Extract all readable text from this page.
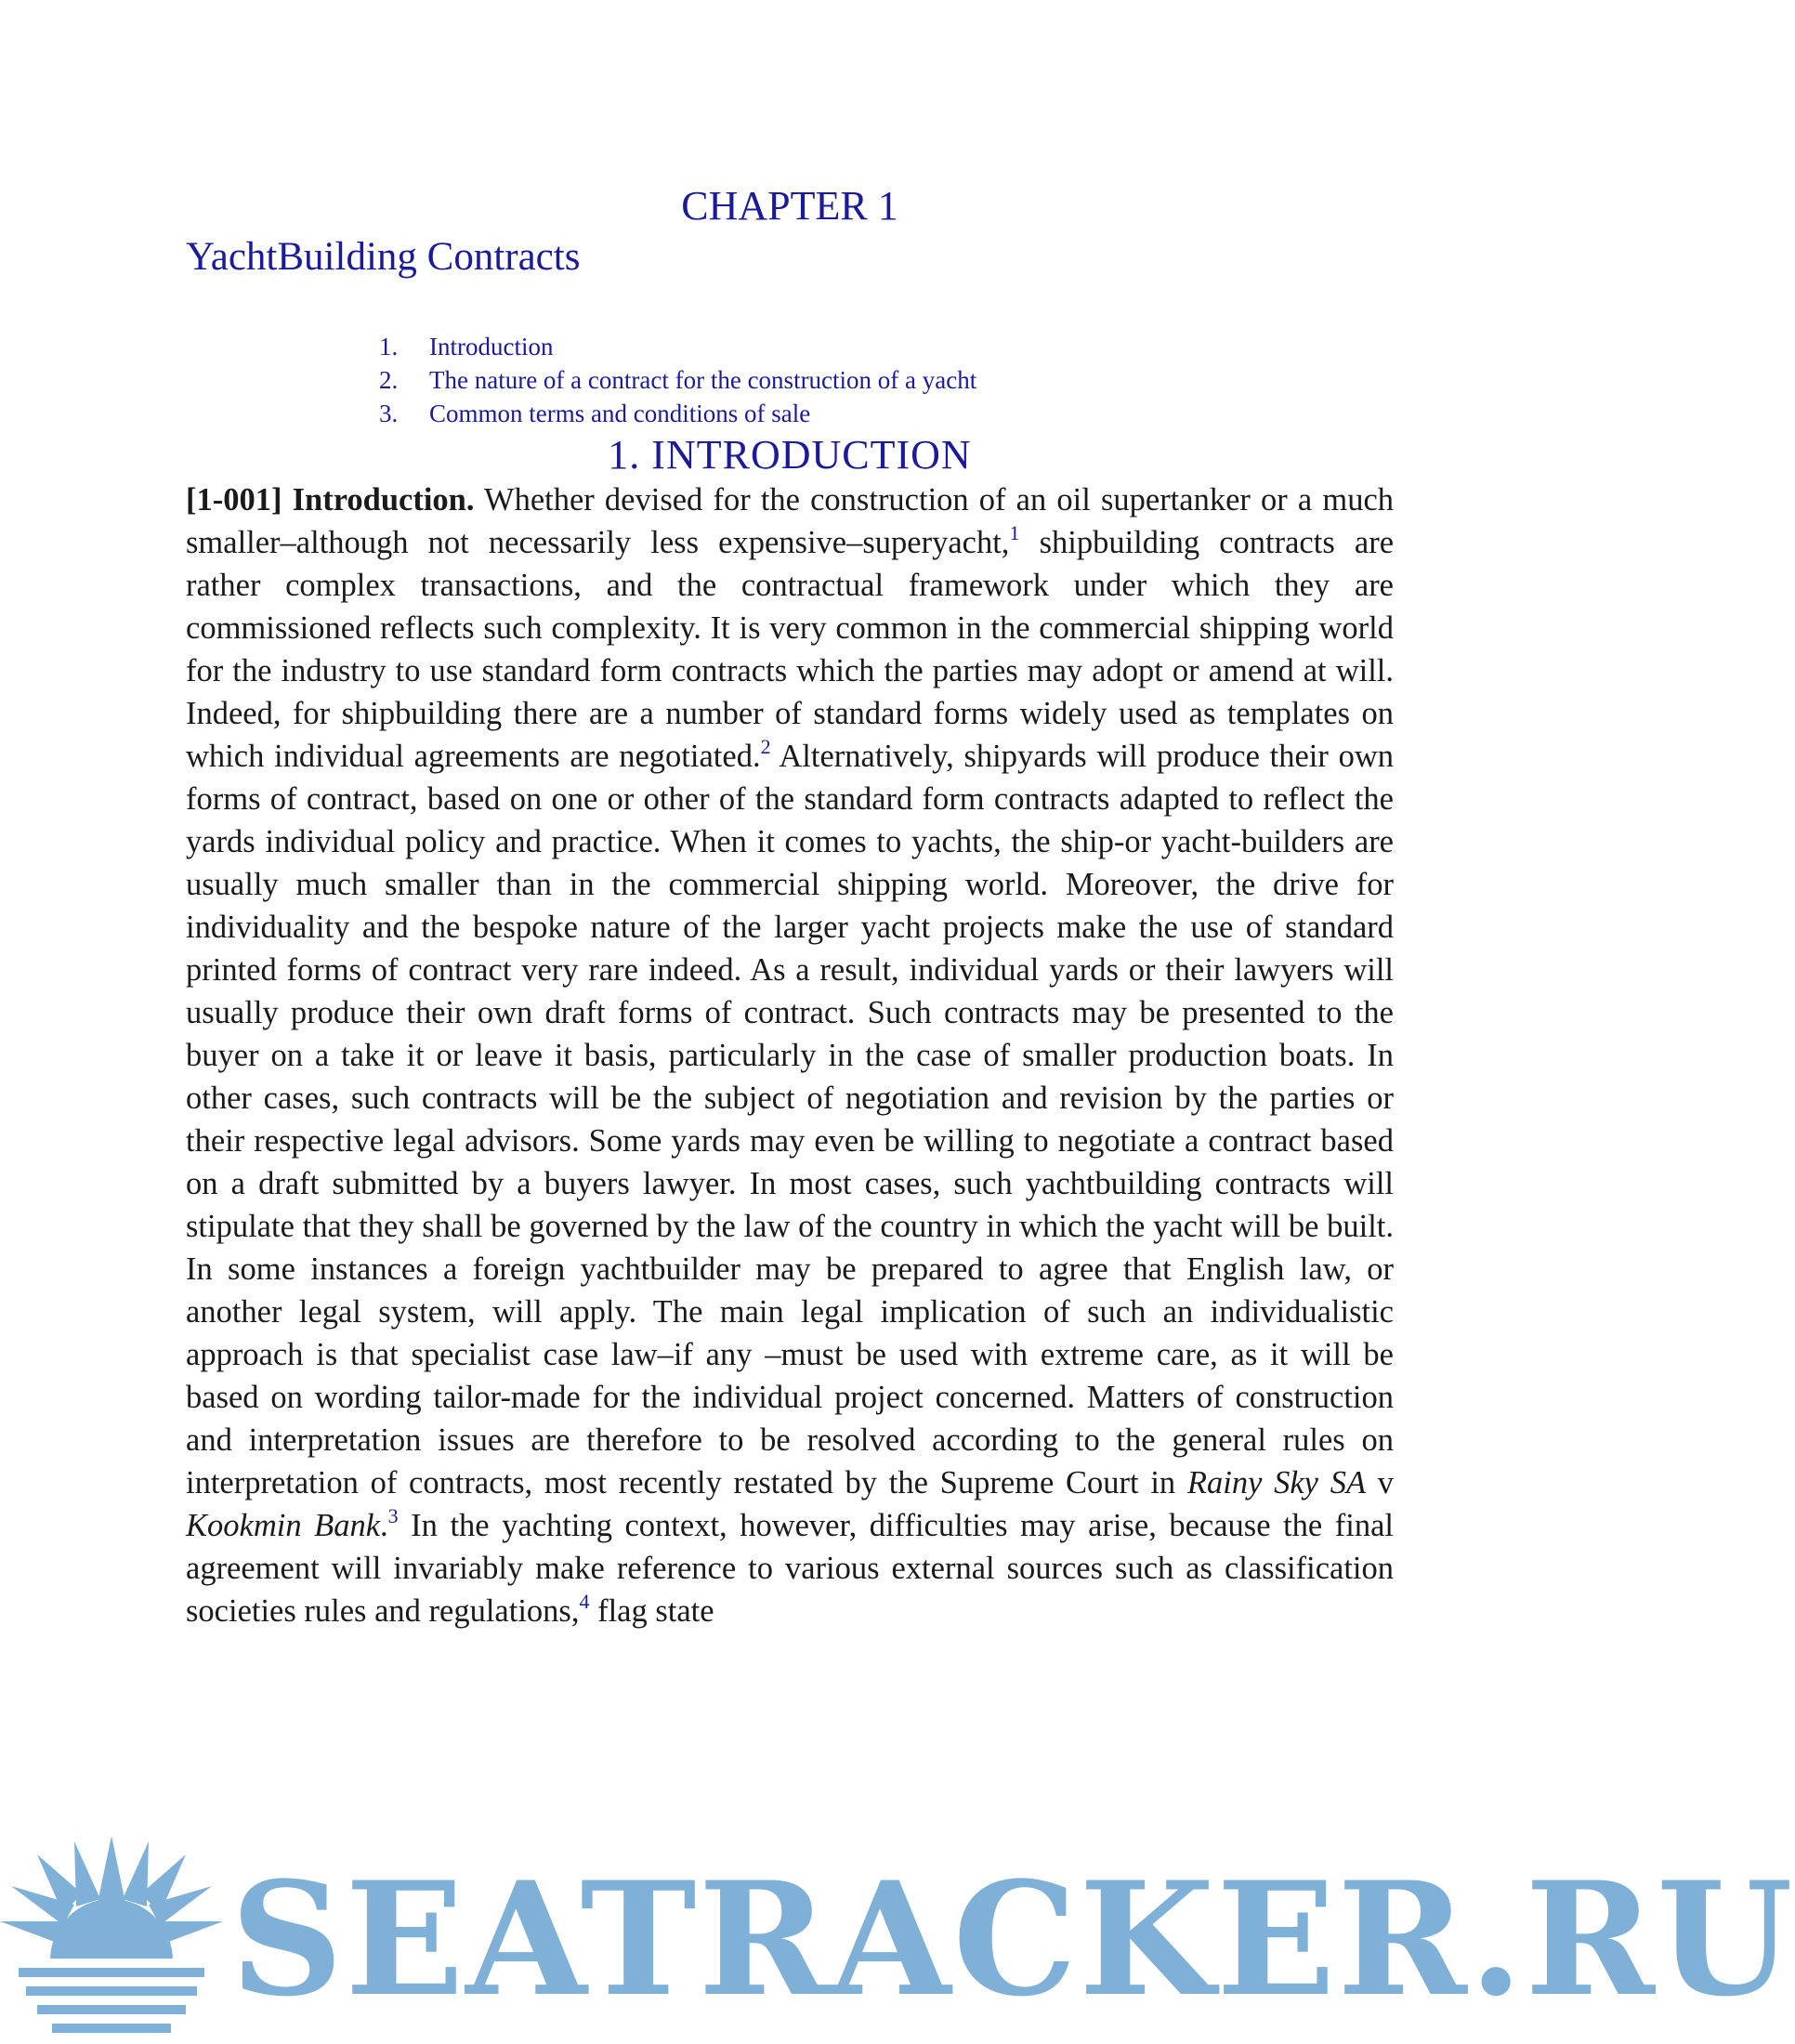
CHAPTER 1
YachtBuilding Contracts
1.	Introduction
2.	The nature of a contract for the construction of a yacht
3.	Common terms and conditions of sale
1. INTRODUCTION

[1-001] Introduction. Whether devised for the construction of an oil supertanker or a much smaller–although not necessarily less expensive–superyacht,$^1$ shipbuilding contracts are rather complex transactions, and the contractual framework under which they are commissioned reflects such complexity. It is very common in the commercial shipping world for the industry to use standard form contracts which the parties may adopt or amend at will. Indeed, for shipbuilding there are a number of standard forms widely used as templates on which individual agreements are negotiated.$^2$ Alternatively, shipyards will produce their own forms of contract, based on one or other of the standard form contracts adapted to reflect the yards individual policy and practice. When it comes to yachts, the ship-or yacht-builders are usually much smaller than in the commercial shipping world. Moreover, the drive for individuality and the bespoke nature of the larger yacht projects make the use of standard printed forms of contract very rare indeed. As a result, individual yards or their lawyers will usually produce their own draft forms of contract. Such contracts may be presented to the buyer on a take it or leave it basis, particularly in the case of smaller production boats. In other cases, such contracts will be the subject of negotiation and revision by the parties or their respective legal advisors. Some yards may even be willing to negotiate a contract based on a draft submitted by a buyers lawyer. In most cases, such yachtbuilding contracts will stipulate that they shall be governed by the law of the country in which the yacht will be built. In some instances a foreign yachtbuilder may be prepared to agree that English law, or another legal system, will apply. The main legal implication of such an individualistic approach is that specialist case law–if any –must be used with extreme care, as it will be based on wording tailor-made for the individual project concerned. Matters of construction and interpretation issues are therefore to be resolved according to the general rules on interpretation of contracts, most recently restated by the Supreme Court in Rainy Sky SA v Kookmin Bank.$^3$ In the yachting context, however, difficulties may arise, because the final agreement will invariably make reference to various external sources such as classification societies rules and regulations,$^4$ flag state

SEATRACKER.RU
